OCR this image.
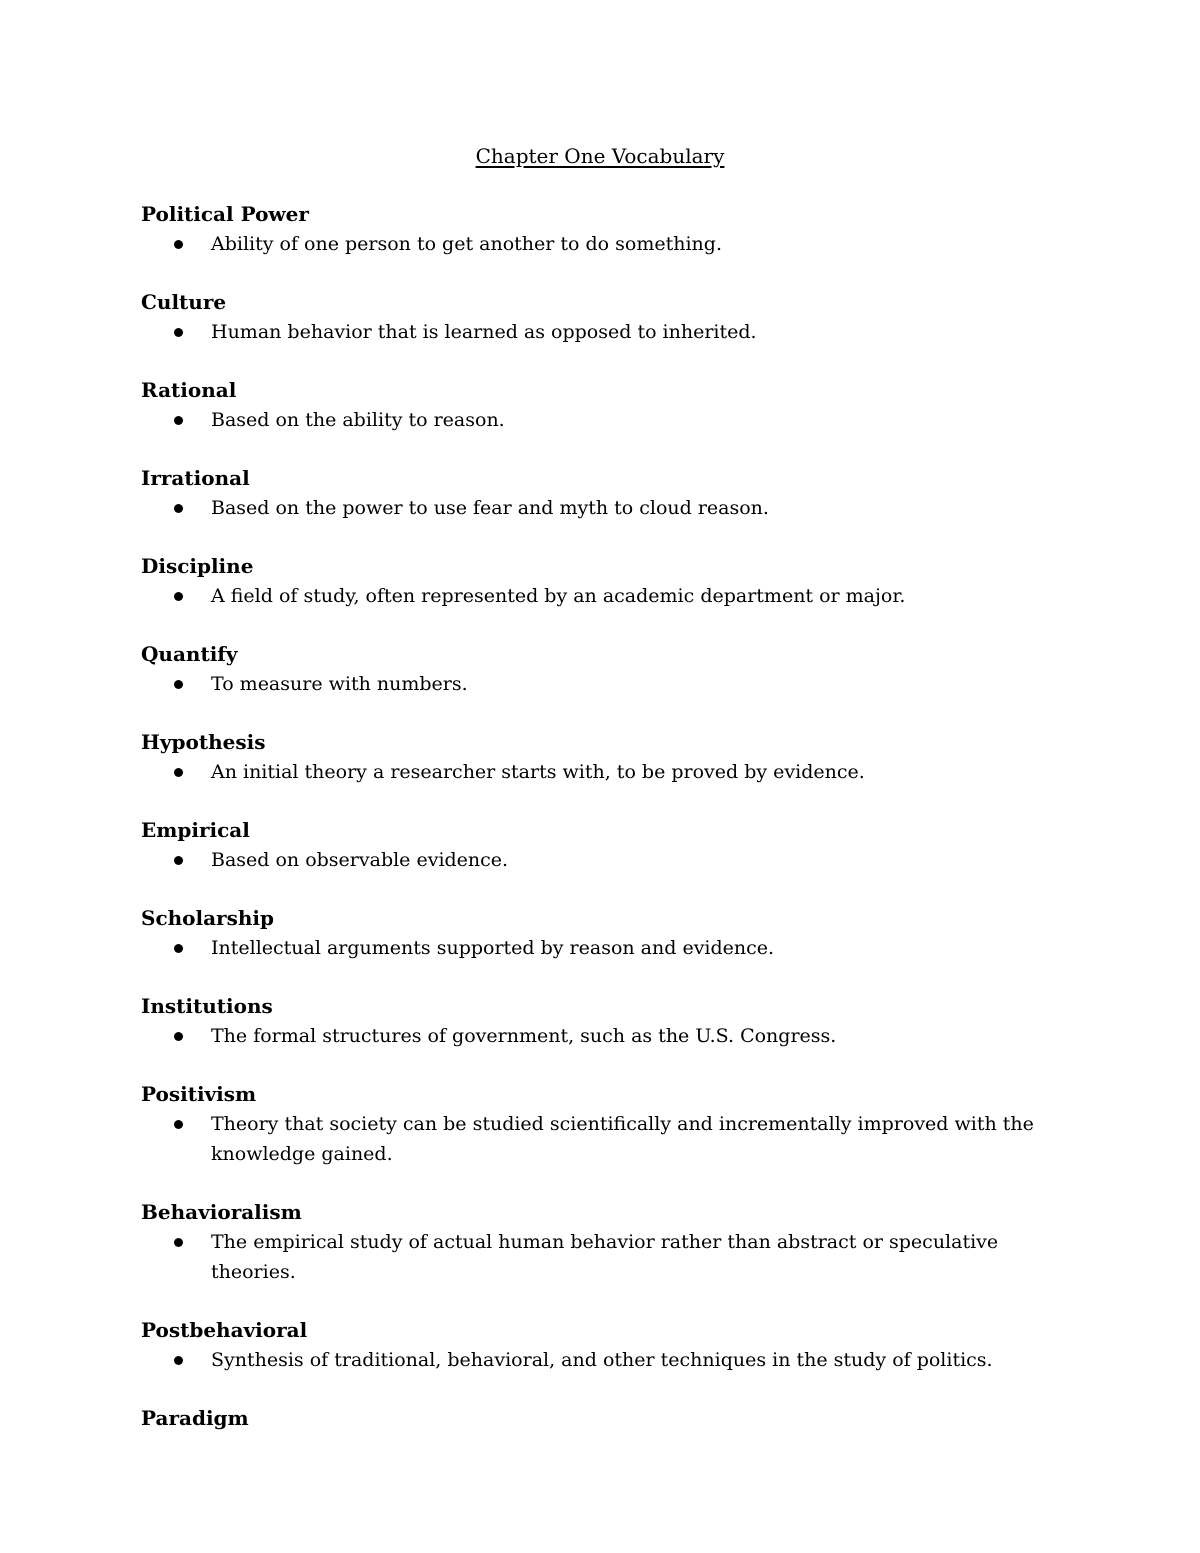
Chapter One Vocabulary
Political Power
Ability of one person to get another to do something.
Culture
Human behavior that is learned as opposed to inherited.
Rational
Based on the ability to reason.
Irrational
Based on the power to use fear and myth to cloud reason.
Discipline
A field of study, often represented by an academic department or major.
Quantify
To measure with numbers.
Hypothesis
An initial theory a researcher starts with, to be proved by evidence.
Empirical
Based on observable evidence.
Scholarship
Intellectual arguments supported by reason and evidence.
Institutions
The formal structures of government, such as the U.S. Congress.
Positivism
Theory that society can be studied scientifically and incrementally improved with the knowledge gained.
Behavioralism
The empirical study of actual human behavior rather than abstract or speculative theories.
Postbehavioral
Synthesis of traditional, behavioral, and other techniques in the study of politics.
Paradigm
